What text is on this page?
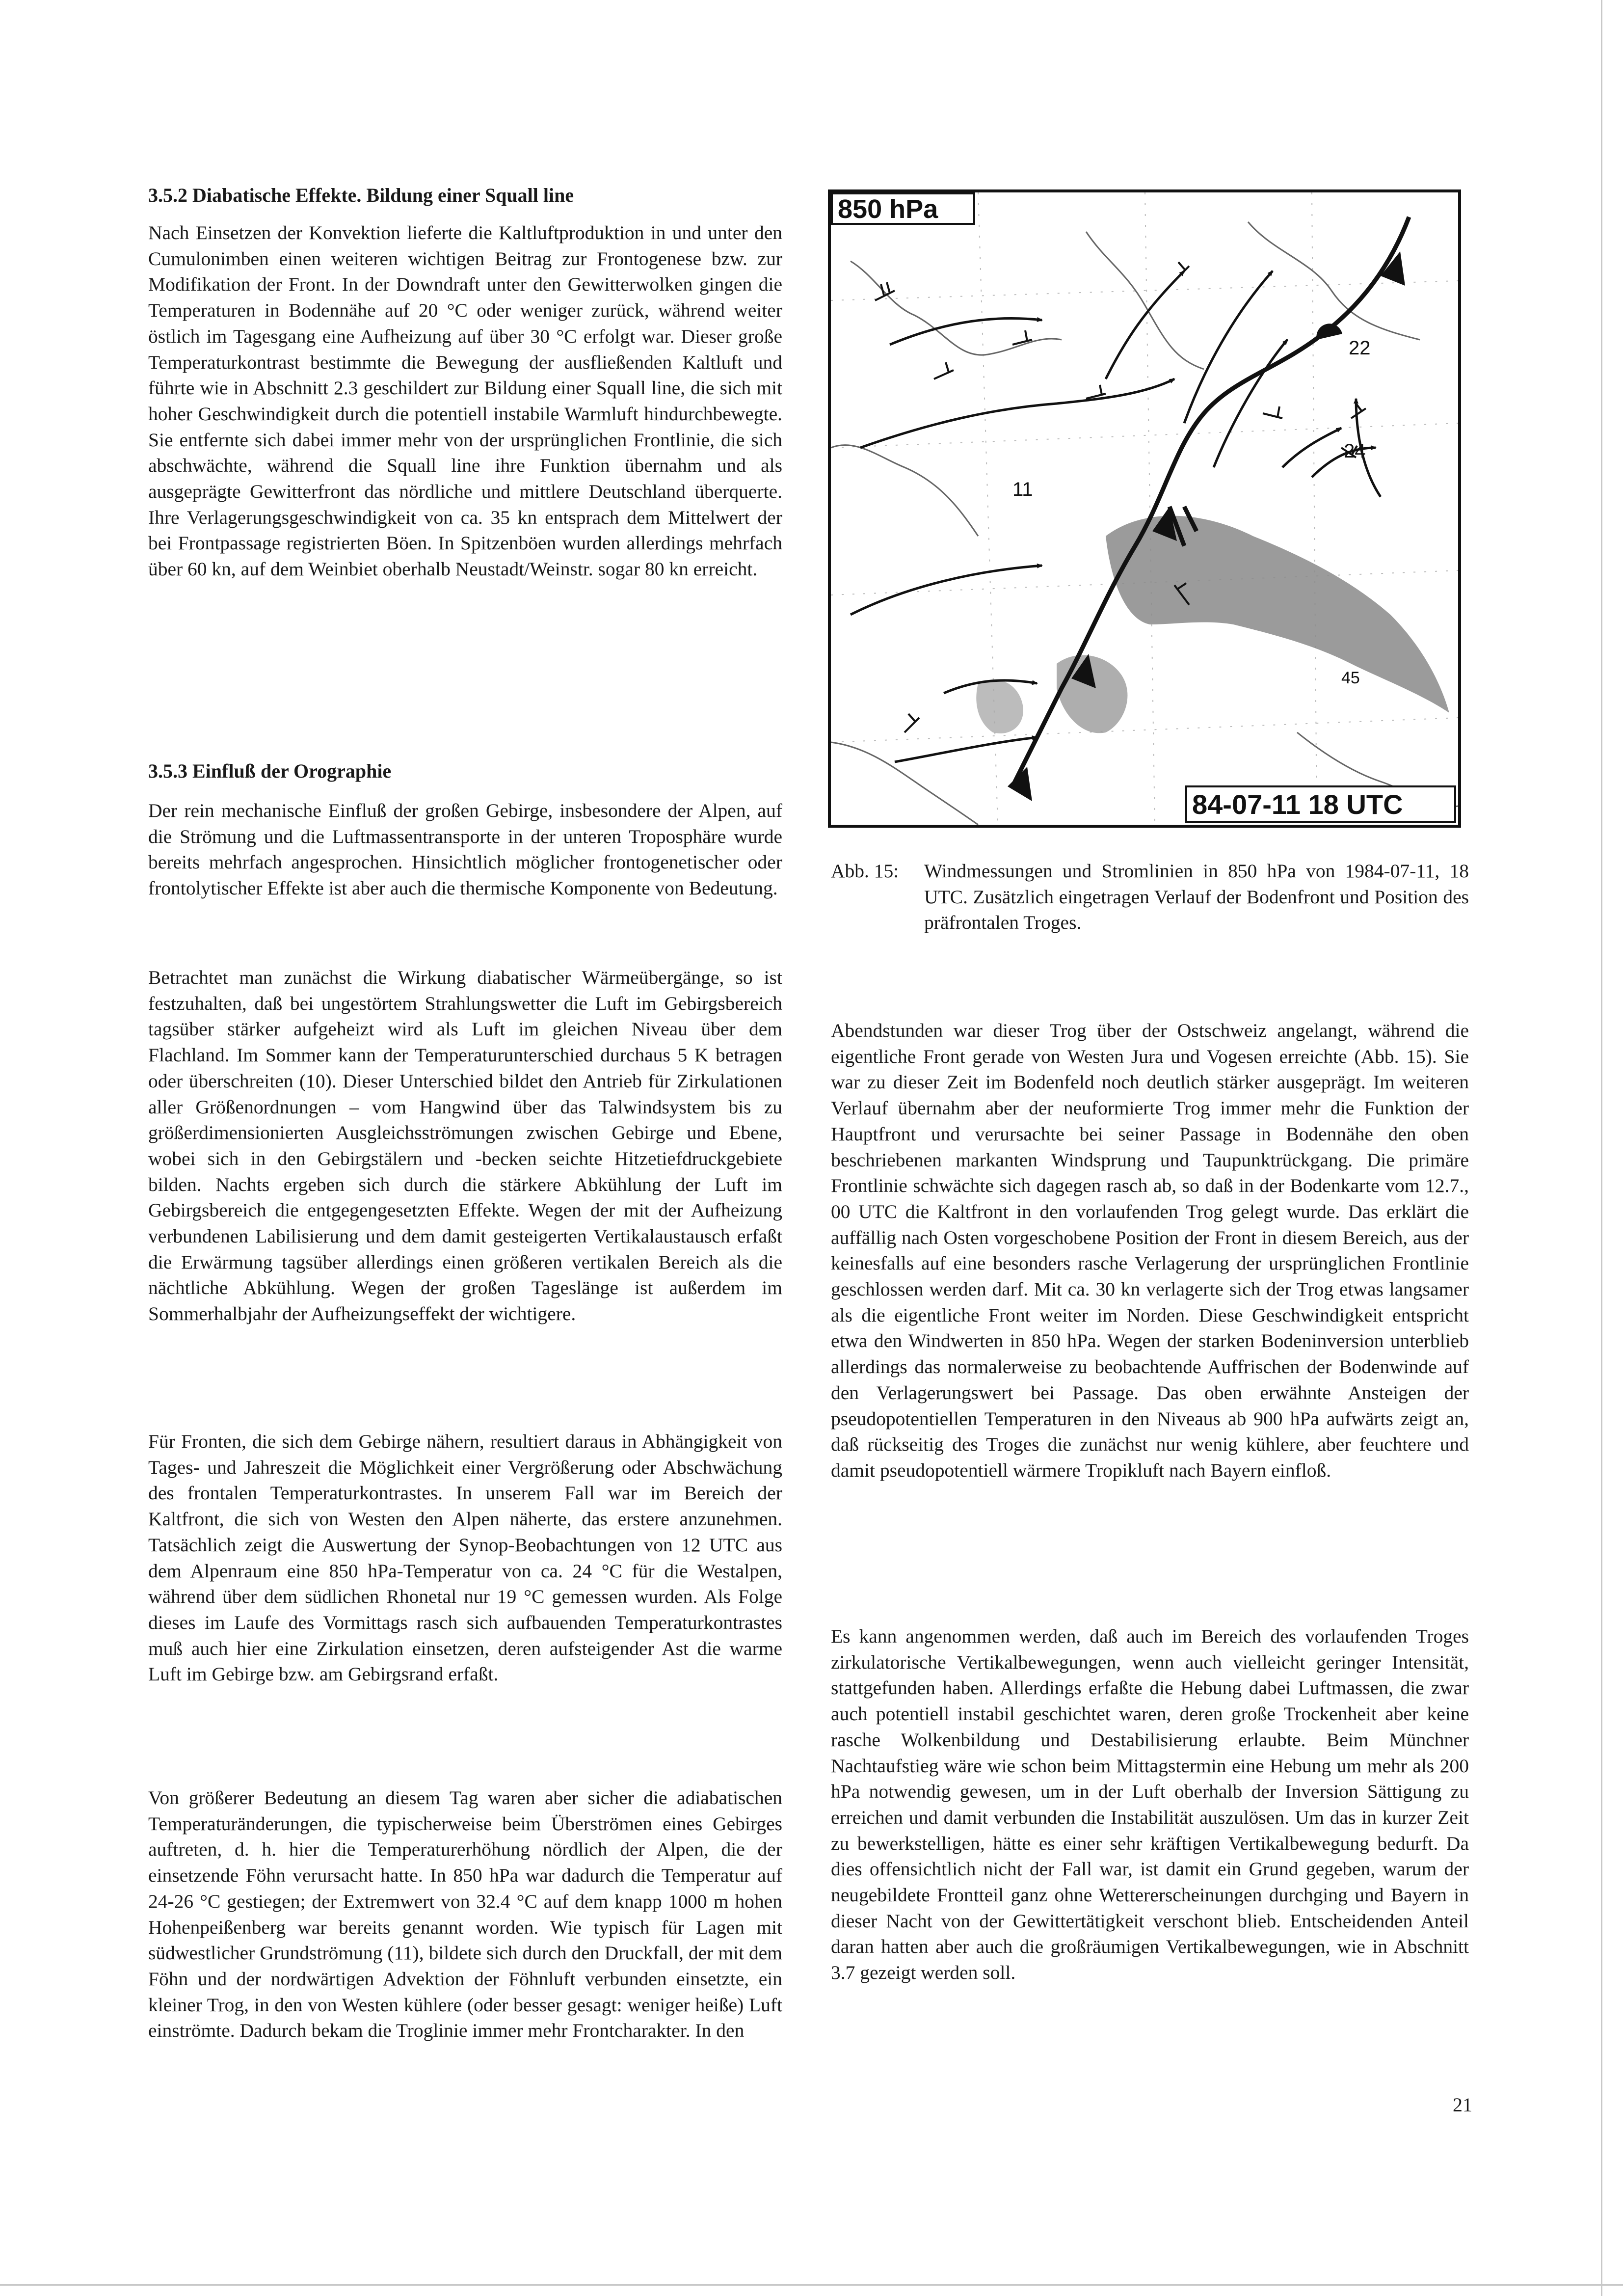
3.5.2 Diabatische Effekte. Bildung einer Squall line

Nach Einsetzen der Konvektion lieferte die Kaltluftproduktion in und unter den Cumulonimben einen weiteren wichtigen Beitrag zur Frontogenese bzw. zur Modifikation der Front. In der Downdraft unter den Gewitterwolken gingen die Temperaturen in Bodennähe auf 20 °C oder weniger zurück, während weiter östlich im Tagesgang eine Aufheizung auf über 30 °C erfolgt war. Dieser große Temperaturkontrast bestimmte die Bewegung der ausfließenden Kaltluft und führte wie in Abschnitt 2.3 geschildert zur Bildung einer Squall line, die sich mit hoher Geschwindigkeit durch die potentiell instabile Warmluft hindurchbewegte. Sie entfernte sich dabei immer mehr von der ursprünglichen Frontlinie, die sich abschwächte, während die Squall line ihre Funktion übernahm und als ausgeprägte Gewitterfront das nördliche und mittlere Deutschland überquerte. Ihre Verlagerungsgeschwindigkeit von ca. 35 kn entsprach dem Mittelwert der bei Frontpassage registrierten Böen. In Spitzenböen wurden allerdings mehrfach über 60 kn, auf dem Weinbiet oberhalb Neustadt/Weinstr. sogar 80 kn erreicht.

3.5.3 Einfluß der Orographie

Der rein mechanische Einfluß der großen Gebirge, insbesondere der Alpen, auf die Strömung und die Luftmassentransporte in der unteren Troposphäre wurde bereits mehrfach angesprochen. Hinsichtlich möglicher frontogenetischer oder frontolytischer Effekte ist aber auch die thermische Komponente von Bedeutung.

Betrachtet man zunächst die Wirkung diabatischer Wärmeübergänge, so ist festzuhalten, daß bei ungestörtem Strahlungswetter die Luft im Gebirgsbereich tagsüber stärker aufgeheizt wird als Luft im gleichen Niveau über dem Flachland. Im Sommer kann der Temperaturunterschied durchaus 5 K betragen oder überschreiten (10). Dieser Unterschied bildet den Antrieb für Zirkulationen aller Größenordnungen – vom Hangwind über das Talwindsystem bis zu größerdimensionierten Ausgleichsströmungen zwischen Gebirge und Ebene, wobei sich in den Gebirgstälern und -becken seichte Hitzetiefdruckgebiete bilden. Nachts ergeben sich durch die stärkere Abkühlung der Luft im Gebirgsbereich die entgegengesetzten Effekte. Wegen der mit der Aufheizung verbundenen Labilisierung und dem damit gesteigerten Vertikalaustausch erfaßt die Erwärmung tagsüber allerdings einen größeren vertikalen Bereich als die nächtliche Abkühlung. Wegen der großen Tageslänge ist außerdem im Sommerhalbjahr der Aufheizungseffekt der wichtigere.

Für Fronten, die sich dem Gebirge nähern, resultiert daraus in Abhängigkeit von Tages- und Jahreszeit die Möglichkeit einer Vergrößerung oder Abschwächung des frontalen Temperaturkontrastes. In unserem Fall war im Bereich der Kaltfront, die sich von Westen den Alpen näherte, das erstere anzunehmen. Tatsächlich zeigt die Auswertung der Synop-Beobachtungen von 12 UTC aus dem Alpenraum eine 850 hPa-Temperatur von ca. 24 °C für die Westalpen, während über dem südlichen Rhonetal nur 19 °C gemessen wurden. Als Folge dieses im Laufe des Vormittags rasch sich aufbauenden Temperaturkontrastes muß auch hier eine Zirkulation einsetzen, deren aufsteigender Ast die warme Luft im Gebirge bzw. am Gebirgsrand erfaßt.

Von größerer Bedeutung an diesem Tag waren aber sicher die adiabatischen Temperaturänderungen, die typischerweise beim Überströmen eines Gebirges auftreten, d. h. hier die Temperaturerhöhung nördlich der Alpen, die der einsetzende Föhn verursacht hatte. In 850 hPa war dadurch die Temperatur auf 24-26 °C gestiegen; der Extremwert von 32.4 °C auf dem knapp 1000 m hohen Hohenpeißenberg war bereits genannt worden. Wie typisch für Lagen mit südwestlicher Grundströmung (11), bildete sich durch den Druckfall, der mit dem Föhn und der nordwärtigen Advektion der Föhnluft verbunden einsetzte, ein kleiner Trog, in den von Westen kühlere (oder besser gesagt: weniger heiße) Luft einströmte. Dadurch bekam die Troglinie immer mehr Frontcharakter. In den

850 hPa
84-07-11 18 UTC
22
24
11
45
Abb. 15: Windmessungen und Stromlinien in 850 hPa von 1984-07-11, 18 UTC. Zusätzlich eingetragen Verlauf der Bodenfront und Position des präfrontalen Troges.

Abendstunden war dieser Trog über der Ostschweiz angelangt, während die eigentliche Front gerade von Westen Jura und Vogesen erreichte (Abb. 15). Sie war zu dieser Zeit im Bodenfeld noch deutlich stärker ausgeprägt. Im weiteren Verlauf übernahm aber der neuformierte Trog immer mehr die Funktion der Hauptfront und verursachte bei seiner Passage in Bodennähe den oben beschriebenen markanten Windsprung und Taupunktrückgang. Die primäre Frontlinie schwächte sich dagegen rasch ab, so daß in der Bodenkarte vom 12.7., 00 UTC die Kaltfront in den vorlaufenden Trog gelegt wurde. Das erklärt die auffällig nach Osten vorgeschobene Position der Front in diesem Bereich, aus der keinesfalls auf eine besonders rasche Verlagerung der ursprünglichen Frontlinie geschlossen werden darf. Mit ca. 30 kn verlagerte sich der Trog etwas langsamer als die eigentliche Front weiter im Norden. Diese Geschwindigkeit entspricht etwa den Windwerten in 850 hPa. Wegen der starken Bodeninversion unterblieb allerdings das normalerweise zu beobachtende Auffrischen der Bodenwinde auf den Verlagerungswert bei Passage. Das oben erwähnte Ansteigen der pseudopotentiellen Temperaturen in den Niveaus ab 900 hPa aufwärts zeigt an, daß rückseitig des Troges die zunächst nur wenig kühlere, aber feuchtere und damit pseudopotentiell wärmere Tropikluft nach Bayern einfloß.

Es kann angenommen werden, daß auch im Bereich des vorlaufenden Troges zirkulatorische Vertikalbewegungen, wenn auch vielleicht geringer Intensität, stattgefunden haben. Allerdings erfaßte die Hebung dabei Luftmassen, die zwar auch potentiell instabil geschichtet waren, deren große Trockenheit aber keine rasche Wolkenbildung und Destabilisierung erlaubte. Beim Münchner Nachtaufstieg wäre wie schon beim Mittagstermin eine Hebung um mehr als 200 hPa notwendig gewesen, um in der Luft oberhalb der Inversion Sättigung zu erreichen und damit verbunden die Instabilität auszulösen. Um das in kurzer Zeit zu bewerkstelligen, hätte es einer sehr kräftigen Vertikalbewegung bedurft. Da dies offensichtlich nicht der Fall war, ist damit ein Grund gegeben, warum der neugebildete Frontteil ganz ohne Wettererscheinungen durchging und Bayern in dieser Nacht von der Gewittertätigkeit verschont blieb. Entscheidenden Anteil daran hatten aber auch die großräumigen Vertikalbewegungen, wie in Abschnitt 3.7 gezeigt werden soll.

21
